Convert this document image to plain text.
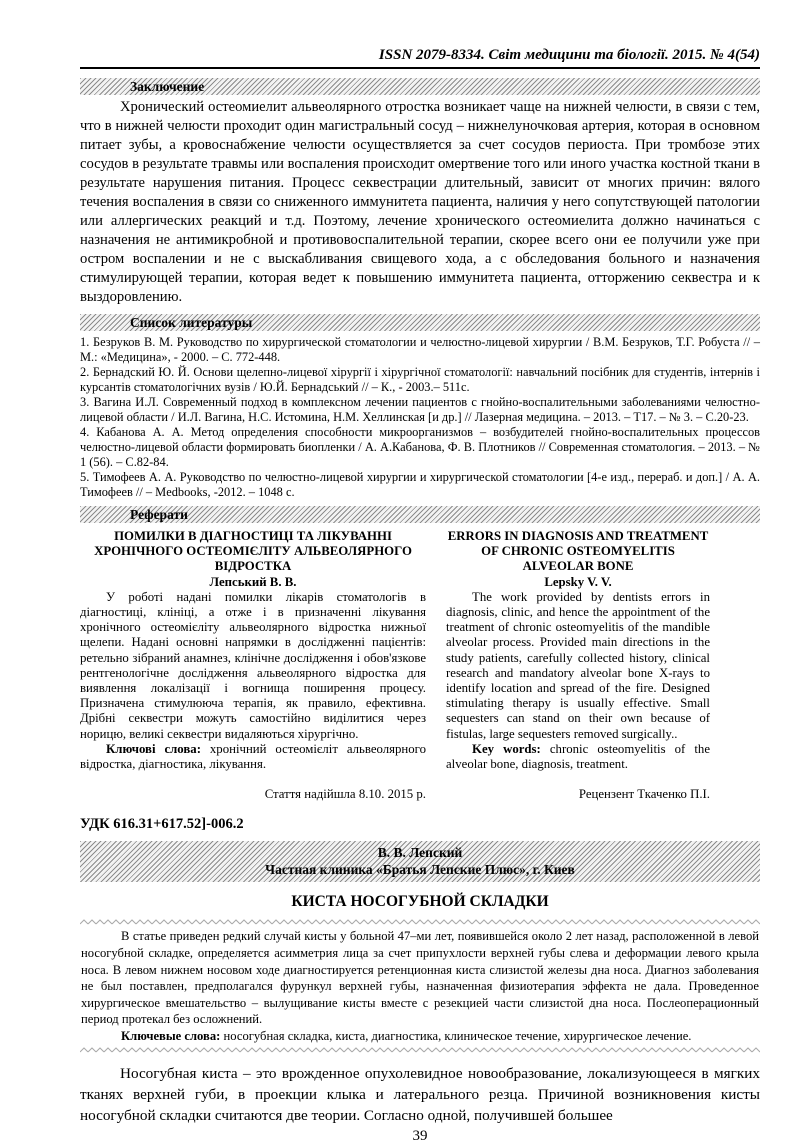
ISSN 2079-8334. Світ медицини та біології. 2015. № 4(54)
Заключение

Хронический остеомиелит альвеолярного отростка возникает чаще на нижней челюсти, в связи с тем, что в нижней челюсти проходит один магистральный сосуд – нижнелуночковая артерия, которая в основном питает зубы, а кровоснабжение челюсти осуществляется за счет сосудов периоста. При тромбозе этих сосудов в результате травмы или воспаления происходит омертвение того или иного участка костной ткани в результате нарушения питания. Процесс секвестрации длительный, зависит от многих причин: вялого течения воспаления в связи со сниженного иммунитета пациента, наличия у него сопутствующей патологии или аллергических реакций и т.д. Поэтому, лечение хронического остеомиелита должно начинаться с назначения не антимикробной и противовоспалительной терапии, скорее всего они ее получили уже при остром воспалении и не с выскабливания свищевого хода, а с обследования больного и назначения стимулирующей терапии, которая ведет к повышению иммунитета пациента, отторжению секвестра и к выздоровлению.

Список литературы

1. Безруков В. М. Руководство по хирургической стоматологии и челюстно-лицевой хирургии / В.М. Безруков, Т.Г. Робуста // – М.: «Медицина», - 2000. – С. 772-448.

2. Бернадский Ю. Й. Основи щелепно-лицевої хірургії і хірургічної стоматології: навчальний посібник для студентів, інтернів і курсантів стоматологічних вузів / Ю.Й. Бернадський // – К., - 2003.– 511с.

3. Вагина И.Л. Современный подход в комплексном лечении пациентов с гнойно-воспалительными заболеваниями челюстно-лицевой области / И.Л. Вагина, Н.С. Истомина, Н.М. Хеллинская [и др.] // Лазерная медицина. – 2013. – Т17. – № 3. – С.20-23.

4. Кабанова А. А. Метод определения способности микроорганизмов – возбудителей гнойно-воспалительных процессов челюстно-лицевой области формировать биопленки / А. А.Кабанова, Ф. В. Плотников // Современная стоматология. – 2013. – № 1 (56). – С.82-84.

5. Тимофеев А. А. Руководство по челюстно-лицевой хирургии и хирургической стоматологии [4-е изд., перераб. и доп.] / А. А. Тимофеев // – Medbooks, -2012. – 1048 с.

Реферати
ПОМИЛКИ В ДІАГНОСТИЦІ ТА ЛІКУВАННІ ХРОНІЧНОГО ОСТЕОМІЄЛІТУ АЛЬВЕОЛЯРНОГО ВІДРОСТКА
Лепський В. В.

У роботі надані помилки лікарів стоматологів в діагностиці, клініці, а отже і в призначенні лікування хронічного остеомієліту альвеолярного відростка нижньої щелепи. Надані основні напрямки в дослідженні пацієнтів: ретельно зібраний анамнез, клінічне дослідження і обов'язкове рентгенологічне дослідження альвеолярного відростка для виявлення локалізації і вогнища поширення процесу. Призначена стимулююча терапія, як правило, ефективна. Дрібні секвестри можуть самостійно виділитися через норицю, великі секвестри видаляються хірургічно.

Ключові слова: хронічний остеомієліт альвеолярного відростка, діагностика, лікування.

Стаття надійшла 8.10. 2015 р.
ERRORS IN DIAGNOSIS AND TREATMENT OF CHRONIC OSTEOMYELITIS ALVEOLAR BONE
Lepsky V. V.

The work provided by dentists errors in diagnosis, clinic, and hence the appointment of the treatment of chronic osteomyelitis of the mandible alveolar process. Provided main directions in the study patients, carefully collected history, clinical research and mandatory alveolar bone X-rays to identify location and spread of the fire. Designed stimulating therapy is usually effective. Small sequesters can stand on their own because of fistulas, large sequesters removed surgically..

Key words: chronic osteomyelitis of the alveolar bone, diagnosis, treatment.

Рецензент Ткаченко П.І.
УДК 616.31+617.52]-006.2
В. В. Лепский
Частная клиника «Братья Лепские Плюс», г. Киев
КИСТА НОСОГУБНОЙ СКЛАДКИ

В статье приведен редкий случай кисты у больной 47–ми лет, появившейся около 2 лет назад, расположенной в левой носогубной складке, определяется асимметрия лица за счет припухлости верхней губы слева и деформации левого крыла носа. В левом нижнем носовом ходе диагностируется ретенционная киста слизистой железы дна носа. Диагноз заболевания не был поставлен, предполагался фурункул верхней губы, назначенная физиотерапия эффекта не дала. Проведенное хирургическое вмешательство – вылущивание кисты вместе с резекцией части слизистой дна носа. Послеоперационный период протекал без осложнений.

Ключевые слова: носогубная складка, киста, диагностика, клиническое течение, хирургическое лечение.

Носогубная киста – это врожденное опухолевидное новообразование, локализующееся в мягких тканях верхней губи, в проекции клыка и латерального резца. Причиной возникновения кисты носогубной складки считаются две теории. Согласно одной, получившей большее

39
